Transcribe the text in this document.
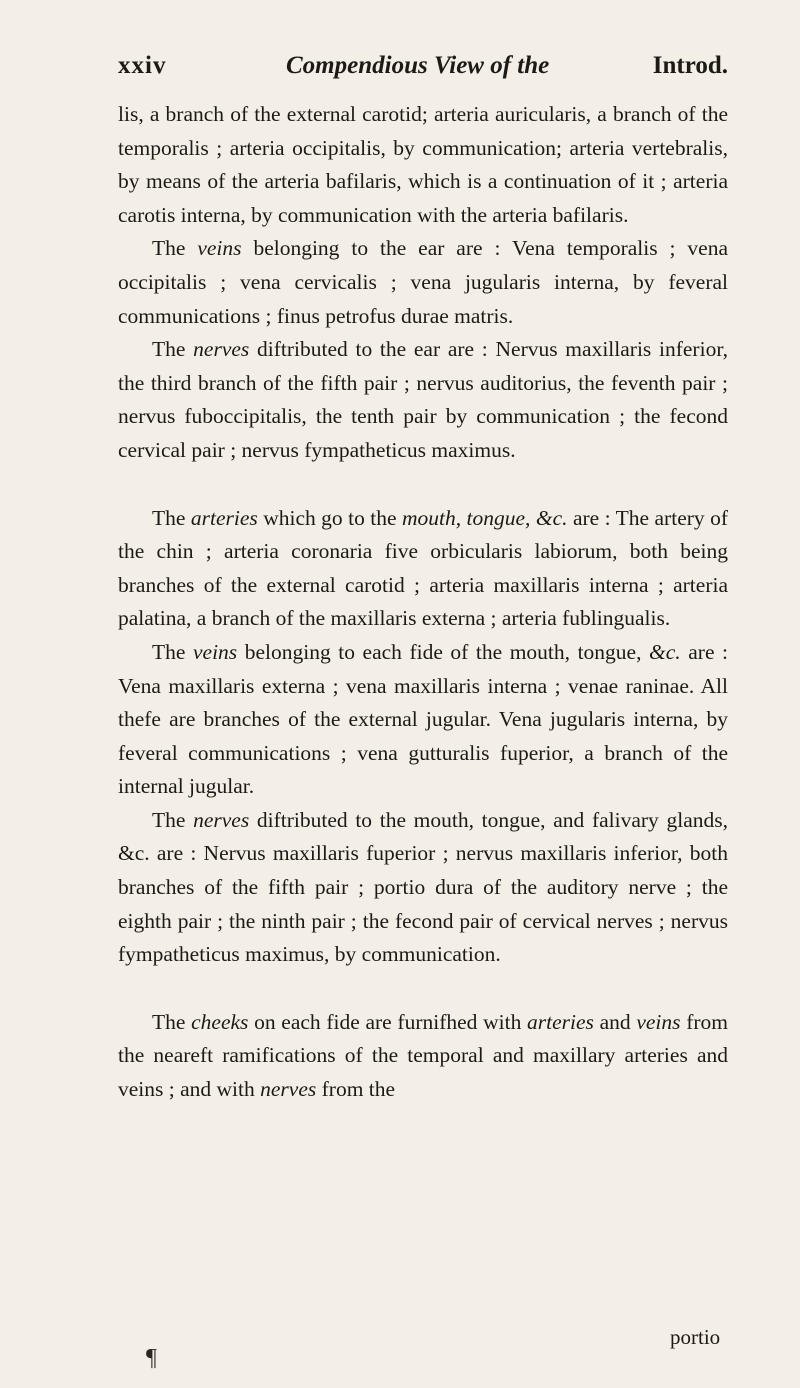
xxiv	Compendious View of the	Introd.

lis, a branch of the external carotid; arteria auricularis, a branch of the temporalis ; arteria occipitalis, by communication; arteria vertebralis, by means of the arteria bafilaris, which is a continuation of it ; arteria carotis interna, by communication with the arteria bafilaris.

The veins belonging to the ear are : Vena temporalis ; vena occipitalis ; vena cervicalis ; vena jugularis interna, by feveral communications ; finus petrofus durae matris.

The nerves diftributed to the ear are : Nervus maxillaris inferior, the third branch of the fifth pair ; nervus auditorius, the feventh pair ; nervus fuboccipitalis, the tenth pair by communication ; the fecond cervical pair ; nervus fympatheticus maximus.

The arteries which go to the mouth, tongue, &c. are : The artery of the chin ; arteria coronaria five orbicularis labiorum, both being branches of the external carotid ; arteria maxillaris interna ; arteria palatina, a branch of the maxillaris externa ; arteria fublingualis.

The veins belonging to each fide of the mouth, tongue, &c. are : Vena maxillaris externa ; vena maxillaris interna ; venae raninae. All thefe are branches of the external jugular. Vena jugularis interna, by feveral communications ; vena gutturalis fuperior, a branch of the internal jugular.

The nerves diftributed to the mouth, tongue, and falivary glands, &c. are : Nervus maxillaris fuperior ; nervus maxillaris inferior, both branches of the fifth pair ; portio dura of the auditory nerve ; the eighth pair ; the ninth pair ; the fecond pair of cervical nerves ; nervus fympatheticus maximus, by communication.

The cheeks on each fide are furnifhed with arteries and veins from the neareft ramifications of the temporal and maxillary arteries and veins ; and with nerves from the

portio
¶
